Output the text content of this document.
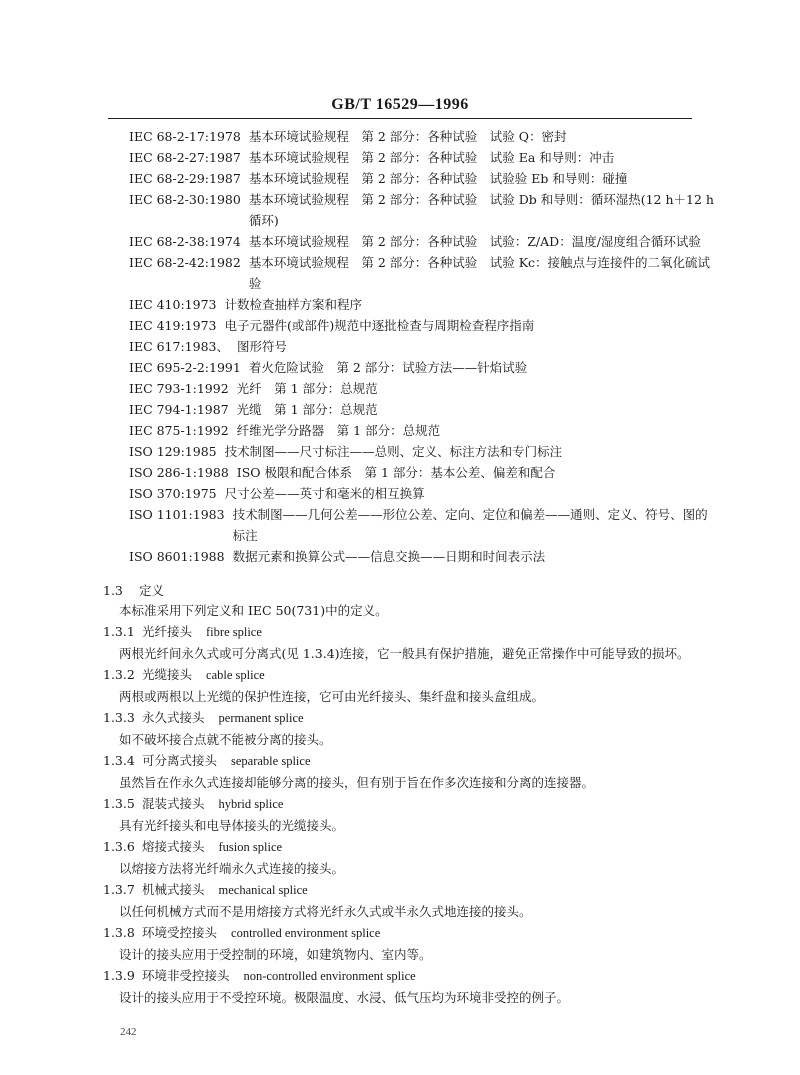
GB/T 16529—1996
IEC 68-2-17:1978 基本环境试验规程　第 2 部分：各种试验　试验 Q：密封
IEC 68-2-27:1987 基本环境试验规程　第 2 部分：各种试验　试验 Ea 和导则：冲击
IEC 68-2-29:1987 基本环境试验规程　第 2 部分：各种试验　试验验 Eb 和导则：碰撞
IEC 68-2-30:1980 基本环境试验规程　第 2 部分：各种试验　试验 Db 和导则：循环湿热(12 h＋12 h 循环)
IEC 68-2-38:1974 基本环境试验规程　第 2 部分：各种试验　试验：Z/AD：温度/湿度组合循环试验
IEC 68-2-42:1982 基本环境试验规程　第 2 部分：各种试验　试验 Kc：接触点与连接件的二氧化硫试验
IEC 410:1973 计数检查抽样方案和程序
IEC 419:1973 电子元器件(或部件)规范中逐批检查与周期检查程序指南
IEC 617:1983、 图形符号
IEC 695-2-2:1991 着火危险试验　第 2 部分：试验方法——针焰试验
IEC 793-1:1992 光纤　第 1 部分：总规范
IEC 794-1:1987 光缆　第 1 部分：总规范
IEC 875-1:1992 纤维光学分路器　第 1 部分：总规范
ISO 129:1985 技术制图——尺寸标注——总则、定义、标注方法和专门标注
ISO 286-1:1988 ISO 极限和配合体系　第 1 部分：基本公差、偏差和配合
ISO 370:1975 尺寸公差——英寸和毫米的相互换算
ISO 1101:1983 技术制图——几何公差——形位公差、定向、定位和偏差——通则、定义、符号、图的标注
ISO 8601:1988 数据元素和换算公式——信息交换——日期和时间表示法
1.3 定义
本标准采用下列定义和 IEC 50(731)中的定义。
1.3.1 光纤接头 fibre splice
两根光纤间永久式或可分离式(见 1.3.4)连接，它一般具有保护措施，避免正常操作中可能导致的损坏。
1.3.2 光缆接头 cable splice
两根或两根以上光缆的保护性连接，它可由光纤接头、集纤盘和接头盒组成。
1.3.3 永久式接头 permanent splice
如不破坏接合点就不能被分离的接头。
1.3.4 可分离式接头 separable splice
虽然旨在作永久式连接却能够分离的接头，但有别于旨在作多次连接和分离的连接器。
1.3.5 混装式接头 hybrid splice
具有光纤接头和电导体接头的光缆接头。
1.3.6 熔接式接头 fusion splice
以熔接方法将光纤端永久式连接的接头。
1.3.7 机械式接头 mechanical splice
以任何机械方式而不是用熔接方式将光纤永久式或半永久式地连接的接头。
1.3.8 环境受控接头 controlled environment splice
设计的接头应用于受控制的环境，如建筑物内、室内等。
1.3.9 环境非受控接头 non-controlled environment splice
设计的接头应用于不受控环境。极限温度、水浸、低气压均为环境非受控的例子。
242
